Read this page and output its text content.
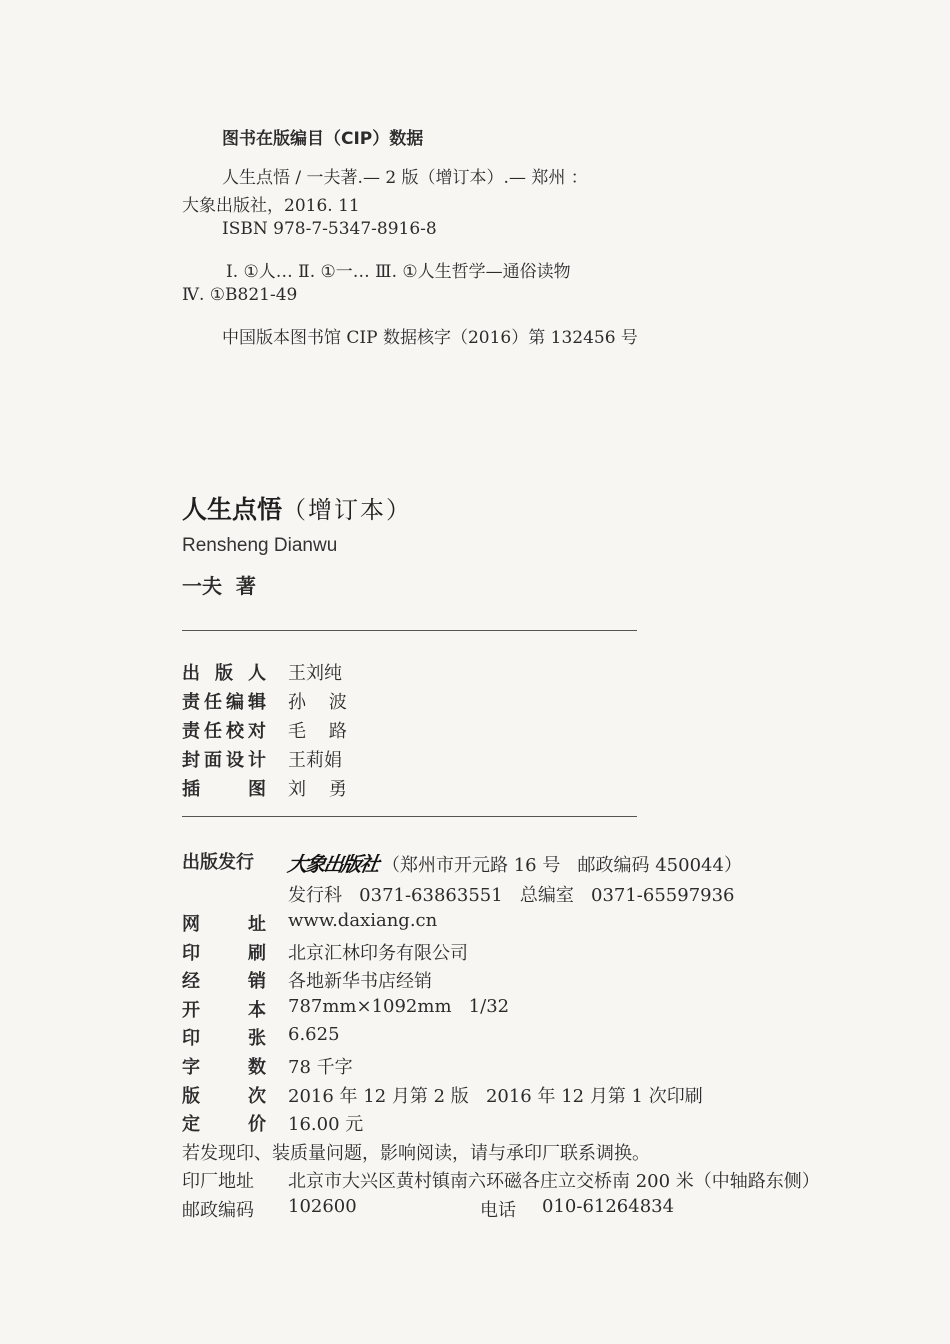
图书在版编目（CIP）数据
人生点悟 / 一夫著.— 2 版（增订本）.— 郑州 ：
大象出版社，2016. 11
ISBN 978-7-5347-8916-8
Ⅰ. ①人… Ⅱ. ①一… Ⅲ. ①人生哲学—通俗读物
Ⅳ. ①B821-49
中国版本图书馆 CIP 数据核字（2016）第 132456 号
人生点悟（增订本）
Rensheng Dianwu
一夫  著
出 版 人 王刘纯
责 任 编 辑 孙    波
责 任 校 对 毛    路
封 面 设 计 王莉娟
插	图 刘    勇
出版发行 大象出版社 （郑州市开元路 16 号   邮政编码 450044）
发行科   0371-63863551   总编室   0371-65597936
网	址 www.daxiang.cn
印	刷 北京汇林印务有限公司
经	销 各地新华书店经销
开	本 787mm×1092mm   1/32
印	张 6.625
字	数 78 千字
版	次 2016 年 12 月第 2 版   2016 年 12 月第 1 次印刷
定	价 16.00 元
若发现印、装质量问题，影响阅读，请与承印厂联系调换。
印厂地址 北京市大兴区黄村镇南六环磁各庄立交桥南 200 米（中轴路东侧）
邮政编码 102600	电话 010-61264834
